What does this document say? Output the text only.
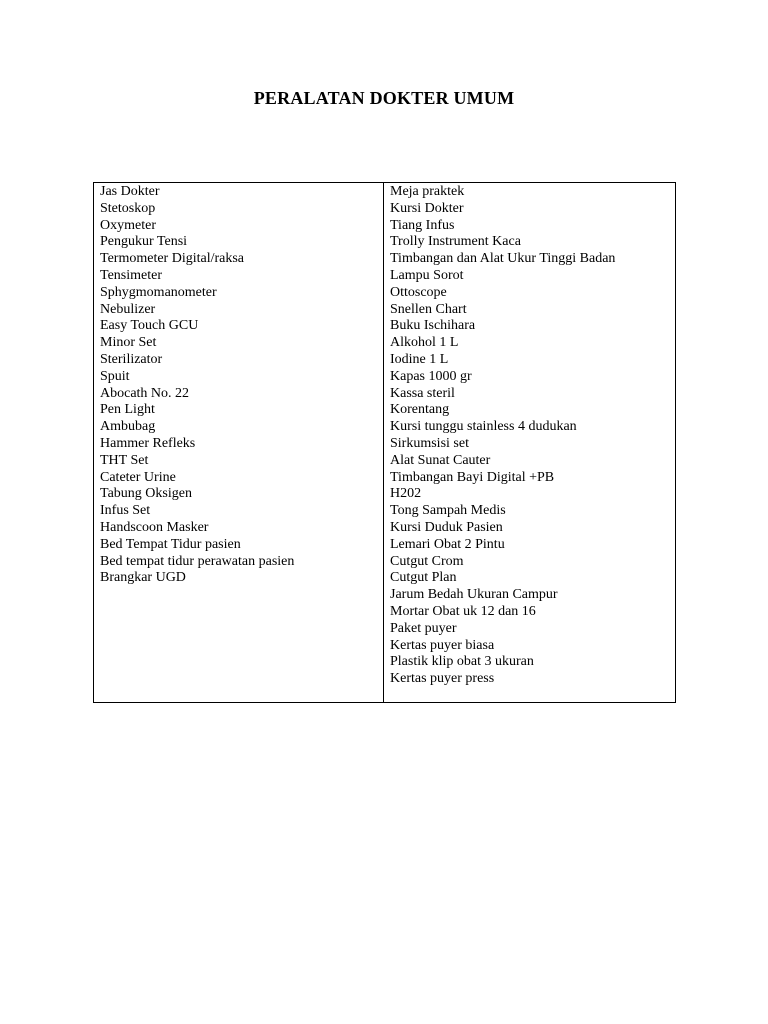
PERALATAN DOKTER UMUM
Jas Dokter
Stetoskop
Oxymeter
Pengukur Tensi
Termometer Digital/raksa
Tensimeter
Sphygmomanometer
Nebulizer
Easy Touch GCU
Minor Set
Sterilizator
Spuit
Abocath No. 22
Pen Light
Ambubag
Hammer Refleks
THT Set
Cateter Urine
Tabung Oksigen
Infus Set
Handscoon Masker
Bed Tempat Tidur pasien
Bed tempat tidur perawatan pasien
Brangkar UGD
Meja praktek
Kursi Dokter
Tiang Infus
Trolly Instrument Kaca
Timbangan dan Alat Ukur Tinggi Badan
Lampu Sorot
Ottoscope
Snellen Chart
Buku Ischihara
Alkohol 1 L
Iodine 1 L
Kapas 1000 gr
Kassa steril
Korentang
Kursi tunggu stainless 4 dudukan
Sirkumsisi set
Alat Sunat Cauter
Timbangan Bayi Digital +PB
H202
Tong Sampah Medis
Kursi Duduk Pasien
Lemari Obat 2 Pintu
Cutgut Crom
Cutgut Plan
Jarum Bedah Ukuran Campur
Mortar Obat uk 12 dan 16
Paket puyer
Kertas puyer biasa
Plastik klip obat 3 ukuran
Kertas puyer press
